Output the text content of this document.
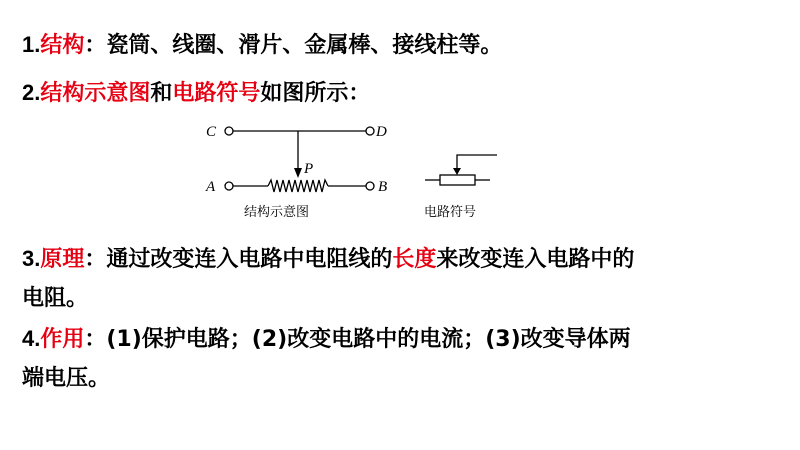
1.结构：瓷筒、线圈、滑片、金属棒、接线柱等。
2.结构示意图和电路符号如图所示：
C	D
A	B
P
结构示意图	电路符号
3.原理：通过改变连入电路中电阻线的长度来改变连入电路中的
电阻。
4.作用：(1)保护电路；(2)改变电路中的电流；(3)改变导体两
端电压。
